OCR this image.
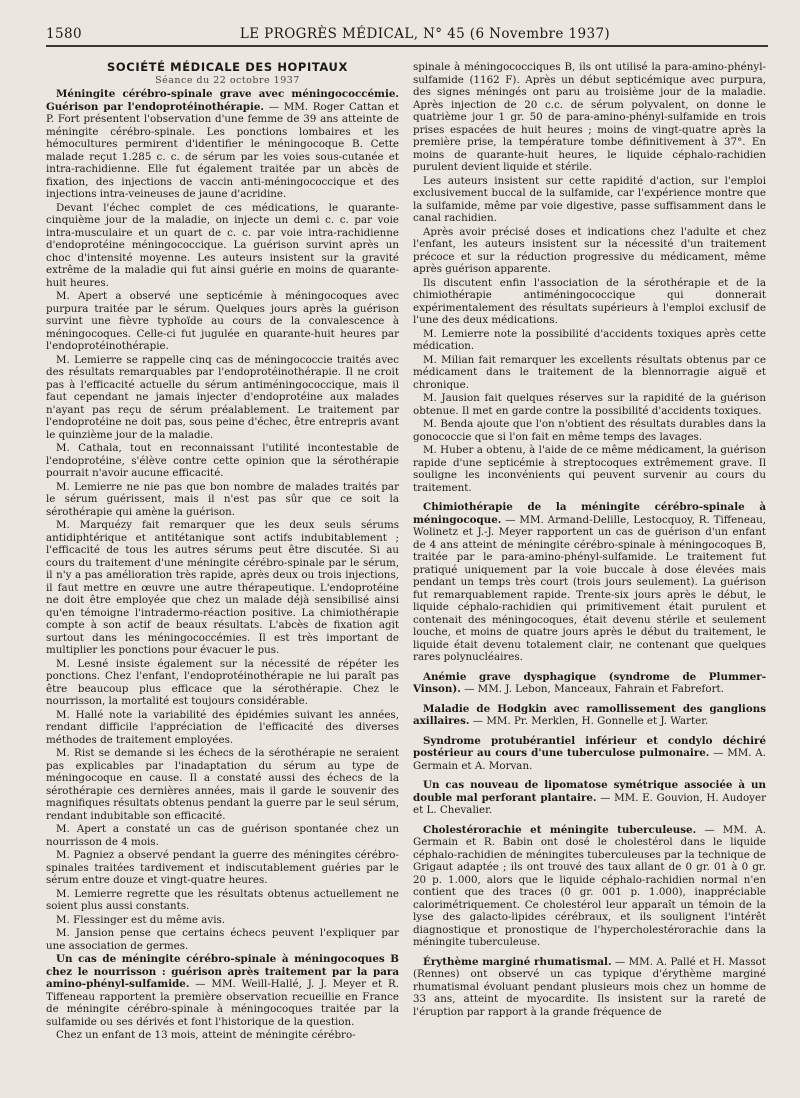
1580	LE PROGRÈS MÉDICAL, N° 45 (6 Novembre 1937)

SOCIÉTÉ MÉDICALE DES HOPITAUX

Séance du 22 octobre 1937

Méningite cérébro-spinale grave avec méningococcémie. Guérison par l'endoprotéinothérapie. — MM. Roger Cattan et P. Fort présentent l'observation d'une femme de 39 ans atteinte de méningite cérébro-spinale. Les ponctions lombaires et les hémocultures permirent d'identifier le méningocoque B. Cette malade reçut 1.285 c. c. de sérum par les voies sous-cutanée et intra-rachidienne. Elle fut également traitée par un abcès de fixation, des injections de vaccin anti-méningococcique et des injections intra-veineuses de jaune d'acridine.

Devant l'échec complet de ces médications, le quarante-cinquième jour de la maladie, on injecte un demi c. c. par voie intra-musculaire et un quart de c. c. par voie intra-rachidienne d'endoprotéine méningococcique. La guérison survint après un choc d'intensité moyenne. Les auteurs insistent sur la gravité extrême de la maladie qui fut ainsi guérie en moins de quarante-huit heures.

M. Apert a observé une septicémie à méningocoques avec purpura traitée par le sérum. Quelques jours après la guérison survint une fièvre typhoïde au cours de la convalescence à méningocoques. Celle-ci fut jugulée en quarante-huit heures par l'endoprotéinothérapie.

M. Lemierre se rappelle cinq cas de méningococcie traités avec des résultats remarquables par l'endoprotéinothérapie. Il ne croit pas à l'efficacité actuelle du sérum antiméningococcique, mais il faut cependant ne jamais injecter d'endoprotéine aux malades n'ayant pas reçu de sérum préalablement. Le traitement par l'endoprotéine ne doit pas, sous peine d'échec, être entrepris avant le quinzième jour de la maladie.

M. Cathala, tout en reconnaissant l'utilité incontestable de l'endoprotéine, s'élève contre cette opinion que la sérothérapie pourrait n'avoir aucune efficacité.

M. Lemierre ne nie pas que bon nombre de malades traités par le sérum guérissent, mais il n'est pas sûr que ce soit la sérothérapie qui amène la guérison.

M. Marquézy fait remarquer que les deux seuls sérums antidiphtérique et antitétanique sont actifs indubitablement ; l'efficacité de tous les autres sérums peut être discutée. Si au cours du traitement d'une méningite cérébro-spinale par le sérum, il n'y a pas amélioration très rapide, après deux ou trois injections, il faut mettre en œuvre une autre thérapeutique. L'endoprotéine ne doit être employée que chez un malade déjà sensibilisé ainsi qu'en témoigne l'intradermo-réaction positive. La chimiothérapie compte à son actif de beaux résultats. L'abcès de fixation agit surtout dans les méningococcémies. Il est très important de multiplier les ponctions pour évacuer le pus.

M. Lesné insiste également sur la nécessité de répéter les ponctions. Chez l'enfant, l'endoprotéinothérapie ne lui paraît pas être beaucoup plus efficace que la sérothérapie. Chez le nourrisson, la mortalité est toujours considérable.

M. Hallé note la variabilité des épidémies suivant les années, rendant difficile l'appréciation de l'efficacité des diverses méthodes de traitement employées.

M. Rist se demande si les échecs de la sérothérapie ne seraient pas explicables par l'inadaptation du sérum au type de méningocoque en cause. Il a constaté aussi des échecs de la sérothérapie ces dernières années, mais il garde le souvenir des magnifiques résultats obtenus pendant la guerre par le seul sérum, rendant indubitable son efficacité.

M. Apert a constaté un cas de guérison spontanée chez un nourrisson de 4 mois.

M. Pagniez a observé pendant la guerre des méningites cérébro-spinales traitées tardivement et indiscutablement guéries par le sérum entre douze et vingt-quatre heures.

M. Lemierre regrette que les résultats obtenus actuellement ne soient plus aussi constants.

M. Flessinger est du même avis.

M. Jansion pense que certains échecs peuvent l'expliquer par une association de germes.

Un cas de méningite cérébro-spinale à méningocoques B chez le nourrisson : guérison après traitement par la para amino-phényl-sulfamide. — MM. Weill-Hallé, J. J. Meyer et R. Tiffeneau rapportent la première observation recueillie en France de méningite cérébro-spinale à méningocoques traitée par la sulfamide ou ses dérivés et font l'historique de la question.

Chez un enfant de 13 mois, atteint de méningite cérébro-

spinale à méningococciques B, ils ont utilisé la para-amino-phényl-sulfamide (1162 F). Après un début septicémique avec purpura, des signes méningés ont paru au troisième jour de la maladie. Après injection de 20 c.c. de sérum polyvalent, on donne le quatrième jour 1 gr. 50 de para-amino-phényl-sulfamide en trois prises espacées de huit heures ; moins de vingt-quatre après la première prise, la température tombe définitivement à 37°. En moins de quarante-huit heures, le liquide céphalo-rachidien purulent devient liquide et stérile.

Les auteurs insistent sur cette rapidité d'action, sur l'emploi exclusivement buccal de la sulfamide, car l'expérience montre que la sulfamide, même par voie digestive, passe suffisamment dans le canal rachidien.

Après avoir précisé doses et indications chez l'adulte et chez l'enfant, les auteurs insistent sur la nécessité d'un traitement précoce et sur la réduction progressive du médicament, même après guérison apparente.

Ils discutent enfin l'association de la sérothérapie et de la chimiothérapie antiméningococcique qui donnerait expérimentalement des résultats supérieurs à l'emploi exclusif de l'une des deux médications.

M. Lemierre note la possibilité d'accidents toxiques après cette médication.

M. Milian fait remarquer les excellents résultats obtenus par ce médicament dans le traitement de la blennorragie aiguë et chronique.

M. Jausion fait quelques réserves sur la rapidité de la guérison obtenue. Il met en garde contre la possibilité d'accidents toxiques.

M. Benda ajoute que l'on n'obtient des résultats durables dans la gonococcie que si l'on fait en même temps des lavages.

M. Huber a obtenu, à l'aide de ce même médicament, la guérison rapide d'une septicémie à streptocoques extrêmement grave. Il souligne les inconvénients qui peuvent survenir au cours du traitement.

Chimiothérapie de la méningite cérébro-spinale à méningocoque. — MM. Armand-Delille, Lestocquoy, R. Tiffeneau, Wolinetz et J.-J. Meyer rapportent un cas de guérison d'un enfant de 4 ans atteint de méningite cérébro-spinale à méningocoques B, traitée par le para-amino-phényl-sulfamide. Le traitement fut pratiqué uniquement par la voie buccale à dose élevées mais pendant un temps très court (trois jours seulement). La guérison fut remarquablement rapide. Trente-six jours après le début, le liquide céphalo-rachidien qui primitivement était purulent et contenait des méningocoques, était devenu stérile et seulement louche, et moins de quatre jours après le début du traitement, le liquide était devenu totalement clair, ne contenant que quelques rares polynucléaires.

Anémie grave dysphagique (syndrome de Plummer-Vinson). — MM. J. Lebon, Manceaux, Fahrain et Fabrefort.

Maladie de Hodgkin avec ramollissement des ganglions axillaires. — MM. Pr. Merklen, H. Gonnelle et J. Warter.

Syndrome protubérantiel inférieur et condylo déchiré postérieur au cours d'une tuberculose pulmonaire. — MM. A. Germain et A. Morvan.

Un cas nouveau de lipomatose symétrique associée à un double mal perforant plantaire. — MM. E. Gouvion, H. Audoyer et L. Chevalier.

Cholestérorachie et méningite tuberculeuse. — MM. A. Germain et R. Babin ont dosé le cholestérol dans le liquide céphalo-rachidien de méningites tuberculeuses par la technique de Grigaut adaptée ; ils ont trouvé des taux allant de 0 gr. 01 à 0 gr. 20 p. 1.000, alors que le liquide céphalo-rachidien normal n'en contient que des traces (0 gr. 001 p. 1.000), inappréciable calorimétriquement. Ce cholestérol leur apparaît un témoin de la lyse des galacto-lipides cérébraux, et ils soulignent l'intérêt diagnostique et pronostique de l'hypercholestérorachie dans la méningite tuberculeuse.

Érythème marginé rhumatismal. — MM. A. Pallé et H. Massot (Rennes) ont observé un cas typique d'érythème marginé rhumatismal évoluant pendant plusieurs mois chez un homme de 33 ans, atteint de myocardite. Ils insistent sur la rareté de l'éruption par rapport à la grande fréquence de
